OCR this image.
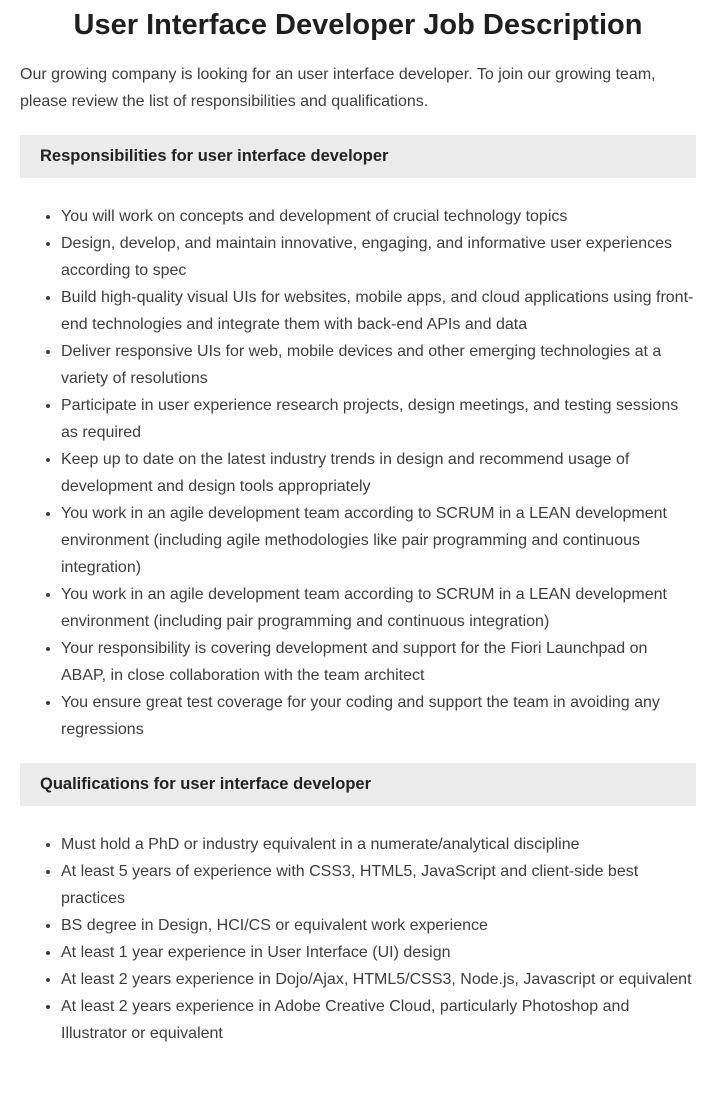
User Interface Developer Job Description

Our growing company is looking for an user interface developer. To join our growing team, please review the list of responsibilities and qualifications.

Responsibilities for user interface developer
• You will work on concepts and development of crucial technology topics
• Design, develop, and maintain innovative, engaging, and informative user experiences according to spec
• Build high-quality visual UIs for websites, mobile apps, and cloud applications using front-end technologies and integrate them with back-end APIs and data
• Deliver responsive UIs for web, mobile devices and other emerging technologies at a variety of resolutions
• Participate in user experience research projects, design meetings, and testing sessions as required
• Keep up to date on the latest industry trends in design and recommend usage of development and design tools appropriately
• You work in an agile development team according to SCRUM in a LEAN development environment (including agile methodologies like pair programming and continuous integration)
• You work in an agile development team according to SCRUM in a LEAN development environment (including pair programming and continuous integration)
• Your responsibility is covering development and support for the Fiori Launchpad on ABAP, in close collaboration with the team architect
• You ensure great test coverage for your coding and support the team in avoiding any regressions
Qualifications for user interface developer
• Must hold a PhD or industry equivalent in a numerate/analytical discipline
• At least 5 years of experience with CSS3, HTML5, JavaScript and client-side best practices
• BS degree in Design, HCI/CS or equivalent work experience
• At least 1 year experience in User Interface (UI) design
• At least 2 years experience in Dojo/Ajax, HTML5/CSS3, Node.js, Javascript or equivalent
• At least 2 years experience in Adobe Creative Cloud, particularly Photoshop and Illustrator or equivalent
